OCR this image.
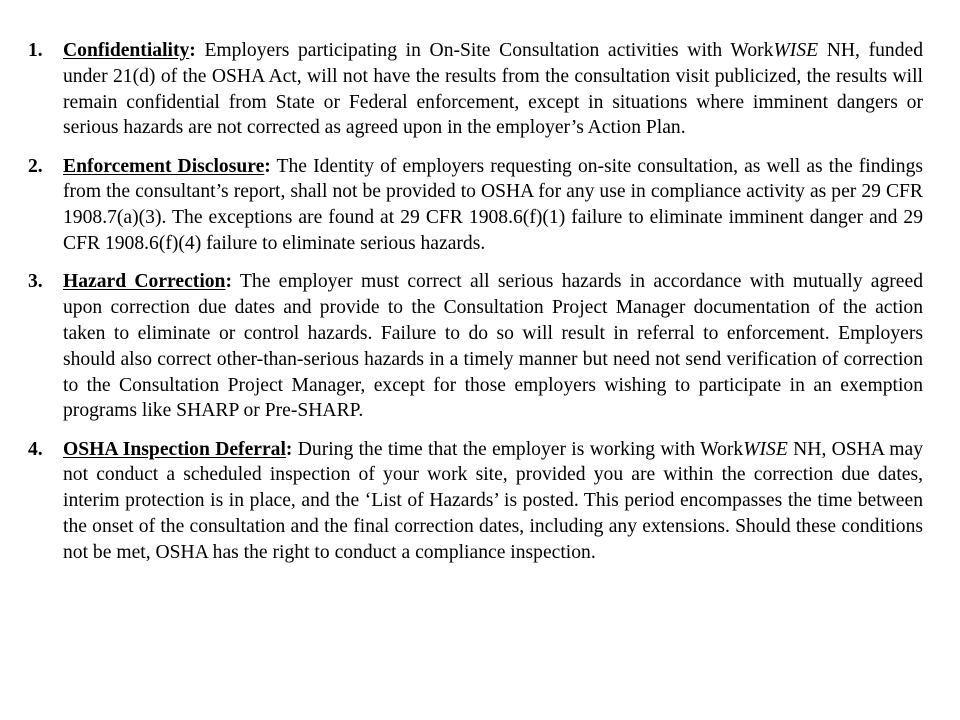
1. Confidentiality: Employers participating in On-Site Consultation activities with WorkWISE NH, funded under 21(d) of the OSHA Act, will not have the results from the consultation visit publicized, the results will remain confidential from State or Federal enforcement, except in situations where imminent dangers or serious hazards are not corrected as agreed upon in the employer’s Action Plan.
2. Enforcement Disclosure: The Identity of employers requesting on-site consultation, as well as the findings from the consultant’s report, shall not be provided to OSHA for any use in compliance activity as per 29 CFR 1908.7(a)(3). The exceptions are found at 29 CFR 1908.6(f)(1) failure to eliminate imminent danger and 29 CFR 1908.6(f)(4) failure to eliminate serious hazards.
3. Hazard Correction: The employer must correct all serious hazards in accordance with mutually agreed upon correction due dates and provide to the Consultation Project Manager documentation of the action taken to eliminate or control hazards. Failure to do so will result in referral to enforcement. Employers should also correct other-than-serious hazards in a timely manner but need not send verification of correction to the Consultation Project Manager, except for those employers wishing to participate in an exemption programs like SHARP or Pre-SHARP.
4. OSHA Inspection Deferral: During the time that the employer is working with WorkWISE NH, OSHA may not conduct a scheduled inspection of your work site, provided you are within the correction due dates, interim protection is in place, and the ‘List of Hazards’ is posted. This period encompasses the time between the onset of the consultation and the final correction dates, including any extensions. Should these conditions not be met, OSHA has the right to conduct a compliance inspection.
